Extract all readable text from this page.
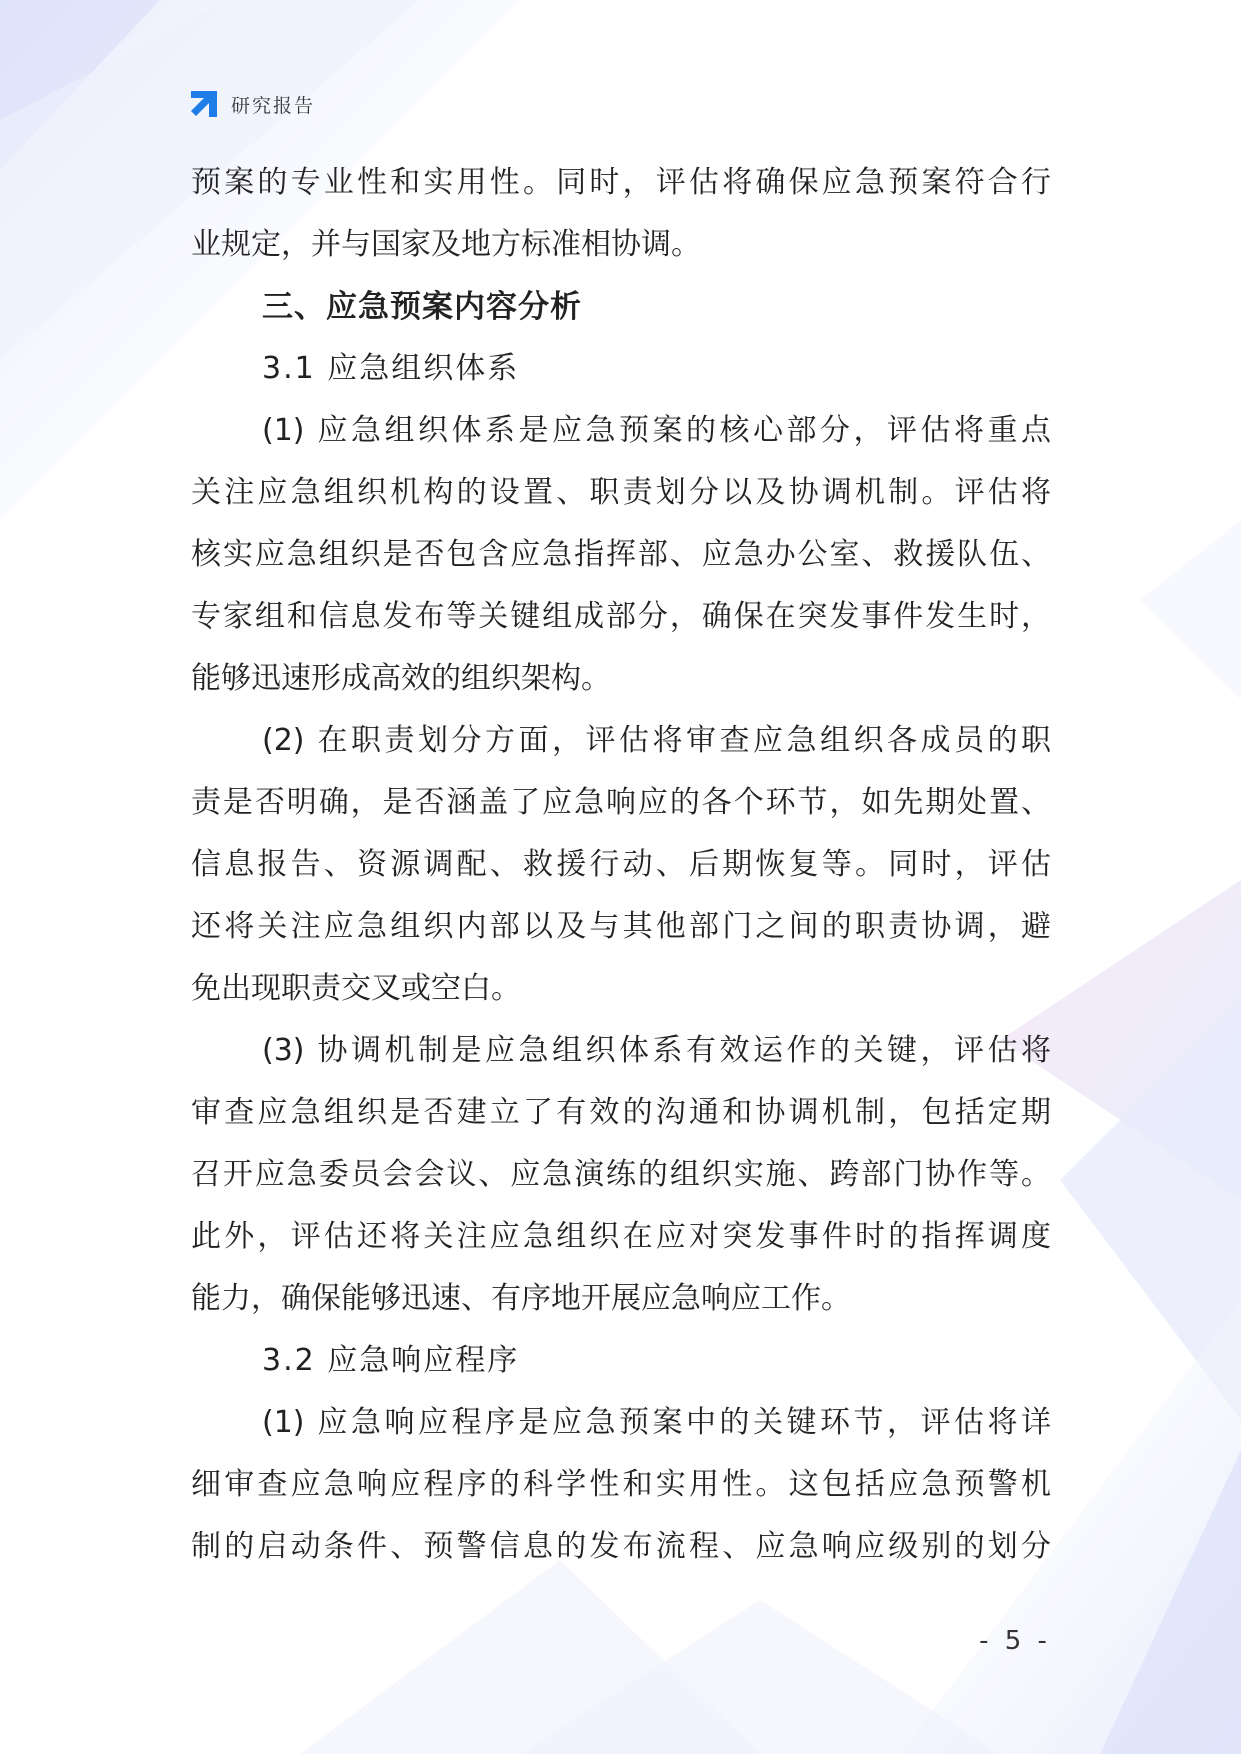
研究报告
预案的专业性和实用性。同时，评估将确保应急预案符合行
业规定，并与国家及地方标准相协调。
三、应急预案内容分析
3.1 应急组织体系
(1) 应急组织体系是应急预案的核心部分，评估将重点
关注应急组织机构的设置、职责划分以及协调机制。评估将
核实应急组织是否包含应急指挥部、应急办公室、救援队伍、
专家组和信息发布等关键组成部分，确保在突发事件发生时，
能够迅速形成高效的组织架构。
(2) 在职责划分方面，评估将审查应急组织各成员的职
责是否明确，是否涵盖了应急响应的各个环节，如先期处置、
信息报告、资源调配、救援行动、后期恢复等。同时，评估
还将关注应急组织内部以及与其他部门之间的职责协调，避
免出现职责交叉或空白。
(3) 协调机制是应急组织体系有效运作的关键，评估将
审查应急组织是否建立了有效的沟通和协调机制，包括定期
召开应急委员会会议、应急演练的组织实施、跨部门协作等。
此外，评估还将关注应急组织在应对突发事件时的指挥调度
能力，确保能够迅速、有序地开展应急响应工作。
3.2 应急响应程序
(1) 应急响应程序是应急预案中的关键环节，评估将详
细审查应急响应程序的科学性和实用性。这包括应急预警机
制的启动条件、预警信息的发布流程、应急响应级别的划分
- 5 -
